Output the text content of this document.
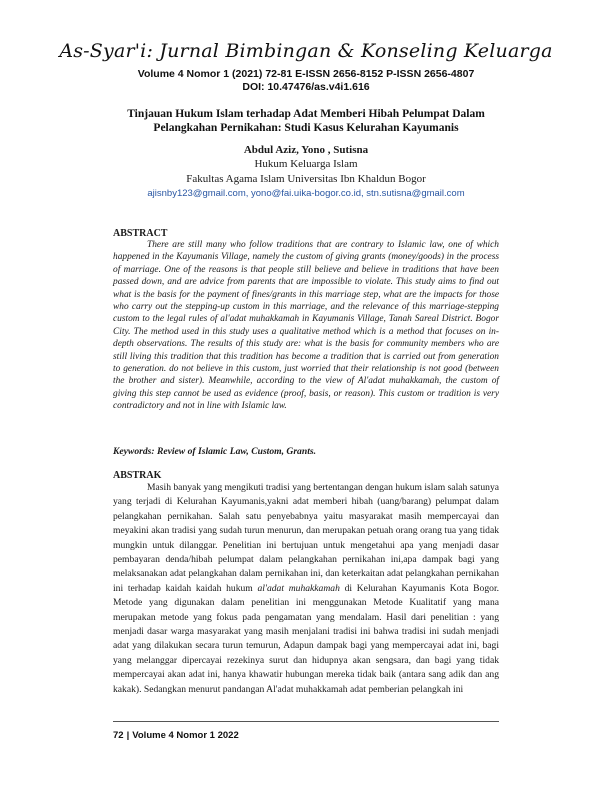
As-Syar'i: Jurnal Bimbingan & Konseling Keluarga
Volume 4 Nomor 1 (2021) 72-81 E-ISSN 2656-8152 P-ISSN 2656-4807
DOI: 10.47476/as.v4i1.616
Tinjauan Hukum Islam terhadap Adat Memberi Hibah Pelumpat Dalam Pelangkahan Pernikahan: Studi Kasus Kelurahan Kayumanis
Abdul Aziz, Yono , Sutisna
Hukum Keluarga Islam
Fakultas Agama Islam Universitas Ibn Khaldun Bogor
ajisnby123@gmail.com, yono@fai.uika-bogor.co.id, stn.sutisna@gmail.com
ABSTRACT
There are still many who follow traditions that are contrary to Islamic law, one of which happened in the Kayumanis Village, namely the custom of giving grants (money/goods) in the process of marriage. One of the reasons is that people still believe and believe in traditions that have been passed down, and are advice from parents that are impossible to violate. This study aims to find out what is the basis for the payment of fines/grants in this marriage step, what are the impacts for those who carry out the stepping-up custom in this marriage, and the relevance of this marriage-stepping custom to the legal rules of al'adat muhakkamah in Kayumanis Village, Tanah Sareal District. Bogor City. The method used in this study uses a qualitative method which is a method that focuses on in-depth observations. The results of this study are: what is the basis for community members who are still living this tradition that this tradition has become a tradition that is carried out from generation to generation. do not believe in this custom, just worried that their relationship is not good (between the brother and sister). Meanwhile, according to the view of Al'adat muhakkamah, the custom of giving this step cannot be used as evidence (proof, basis, or reason). This custom or tradition is very contradictory and not in line with Islamic law.
Keywords: Review of Islamic Law, Custom, Grants.
ABSTRAK
Masih banyak yang mengikuti tradisi yang bertentangan dengan hukum islam salah satunya yang terjadi di Kelurahan Kayumanis,yakni adat memberi hibah (uang/barang) pelumpat dalam pelangkahan pernikahan. Salah satu penyebabnya yaitu masyarakat masih mempercayai dan meyakini akan tradisi yang sudah turun menurun, dan merupakan petuah orang orang tua yang tidak mungkin untuk dilanggar. Penelitian ini bertujuan untuk mengetahui apa yang menjadi dasar pembayaran denda/hibah pelumpat dalam pelangkahan pernikahan ini,apa dampak bagi yang melaksanakan adat pelangkahan dalam pernikahan ini, dan keterkaitan adat pelangkahan pernikahan ini terhadap kaidah kaidah hukum al'adat muhakkamah di Kelurahan Kayumanis Kota Bogor. Metode yang digunakan dalam penelitian ini menggunakan Metode Kualitatif yang mana merupakan metode yang fokus pada pengamatan yang mendalam. Hasil dari penelitian : yang menjadi dasar warga masyarakat yang masih menjalani tradisi ini bahwa tradisi ini sudah menjadi adat yang dilakukan secara turun temurun, Adapun dampak bagi yang mempercayai adat ini, bagi yang melanggar dipercayai rezekinya surut dan hidupnya akan sengsara, dan bagi yang tidak mempercayai akan adat ini, hanya khawatir hubungan mereka tidak baik (antara sang adik dan ang kakak). Sedangkan menurut pandangan Al'adat muhakkamah adat pemberian pelangkah ini
72 | Volume 4 Nomor 1 2022
